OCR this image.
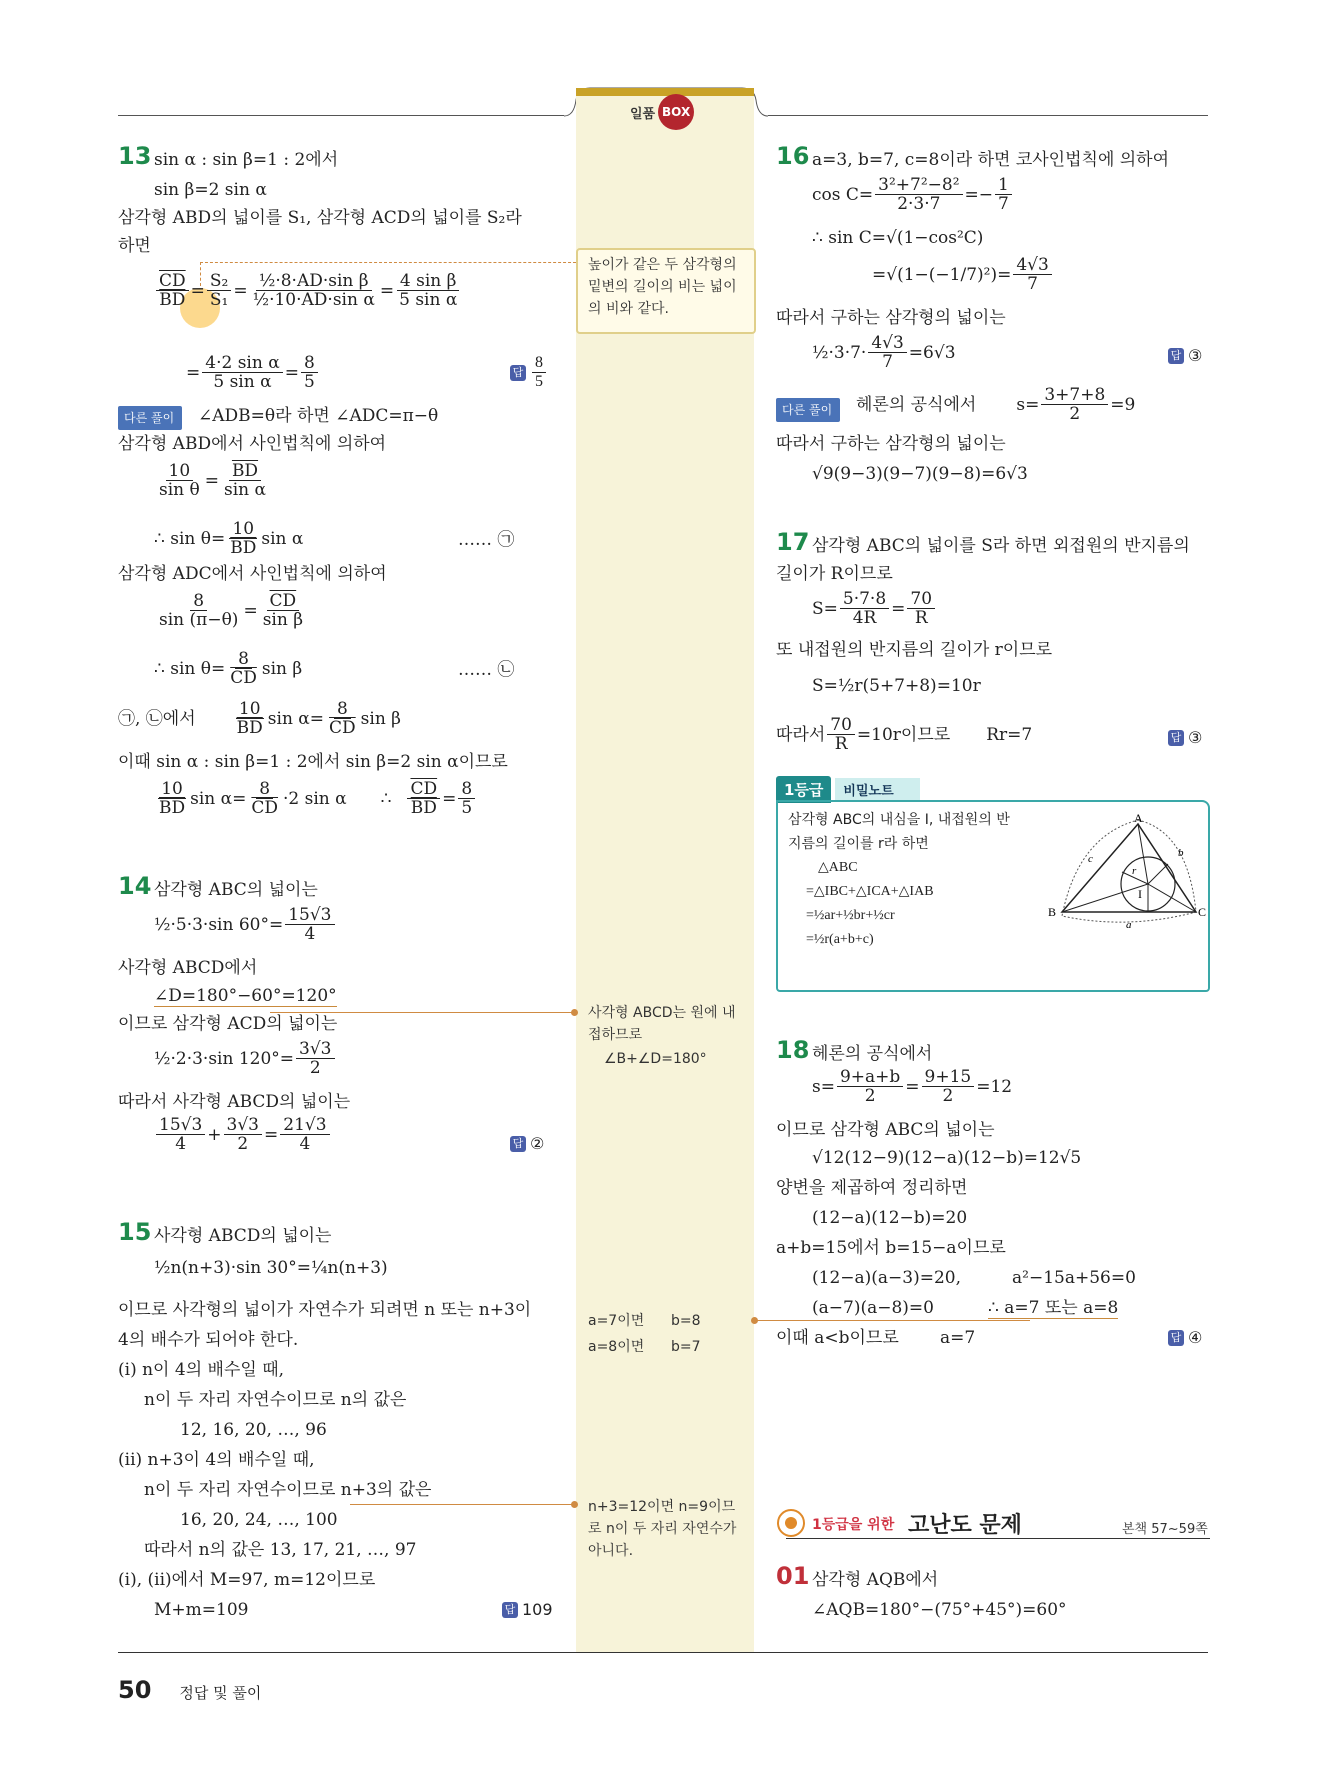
일품 BOX
13 sin α : sin β=1 : 2에서
sin β=2 sin α
삼각형 ABD의 넓이를 S₁, 삼각형 ACD의 넓이를 S₂라
하면
$\frac{\overline{CD}}{BD} = \frac{\text{S₂}}{\text{S₁}} = \frac{\text{½·8·AD·sin β}}{\text{½·10·AD·sin α}} = \frac{\text{4 sin β}}{\text{5 sin α}}$
= $\frac{\text{4·2 sin α}}{\text{5 sin α}} = \frac{8}{5}$	답 $\frac{8}{5}$
다른 풀이	∠ADB=θ라 하면 ∠ADC=π−θ
삼각형 ABD에서 사인법칙에 의하여
$\frac{10}{\text{sin θ}} = \frac{\overline{BD}}{\text{sin α}}$
∴ $\sin \theta= \frac{10}{BD}$ sin α	…… ㉠
삼각형 ADC에서 사인법칙에 의하여
$\frac{8}{\sin (\pi-\theta)} = \frac{\overline{CD}}{\text{sin β}}$
∴ $\sin \theta= \frac{8}{CD}$ sin β	…… ㉡
㉠, ㉡에서 $\frac{10}{BD}$ $\sin \alpha= \frac{8}{CD}$ sin β
이때 sin α : sin β=1 : 2에서 sin β=2 sin α이므로
$\frac{10}{BD}$ $\sin \alpha= \frac{8}{CD} \cdot 2$ sin α ∴ $\frac{\overline{CD}}{BD} = \frac{8}{5}$
14 삼각형 ABC의 넓이는
½·5·3·sin $60^\circ= \frac{15√3}{4}$
사각형 ABCD에서
∠D=180°−60°=120°
이므로 삼각형 ACD의 넓이는
½·2·3·sin $120^\circ= \frac{3√3}{2}$
따라서 사각형 ABCD의 넓이는
$\frac{15√3}{4} + \frac{3√3}{2} = \frac{21√3}{4}$	답 ②
15 사각형 ABCD의 넓이는
½n(n+3)·sin 30°=¼n(n+3)
이므로 사각형의 넓이가 자연수가 되려면 n 또는 n+3이
4의 배수가 되어야 한다.
(i) n이 4의 배수일 때,
n이 두 자리 자연수이므로 n의 값은
12, 16, 20, …, 96
(ii) n+3이 4의 배수일 때,
n이 두 자리 자연수이므로 n+3의 값은
16, 20, 24, …, 100
따라서 n의 값은 13, 17, 21, …, 97
(i), (ii)에서 M=97, m=12이므로
M+m=109	답 109
높이가 같은 두 삼각형의 밑변의 길이의 비는 넓이의 비와 같다.
사각형 ABCD는 원에 내접하므로
∠B+∠D=180°
a=7이면      b=8
a=8이면      b=7
n+3=12이면 n=9이므로 n이 두 자리 자연수가 아니다.
16 a=3, b=7, c=8이라 하면 코사인법칙에 의하여
$\cos C= \frac{\text{3²+7²−8²}}{2\cdot 3\cdot 7} =- \frac{1}{7}$
∴ sin C=√(1−cos²C)
$=√(1-(-1/7)^2)= \frac{4√3}{7}$
따라서 구하는 삼각형의 넓이는
½·3·7· $\frac{4√3}{7} =6√3$	답 ③
다른 풀이	헤론의 공식에서 $s= \frac{3+7+8}{2} =9$
따라서 구하는 삼각형의 넓이는
√9(9−3)(9−7)(9−8)=6√3
17 삼각형 ABC의 넓이를 S라 하면 외접원의 반지름의
길이가 R이므로
$S= \frac{5\cdot 7\cdot 8}{4R} = \frac{70}{R}$
또 내접원의 반지름의 길이가 r이므로
S=½r(5+7+8)=10r
따라서 $\frac{70}{R} =10r$이므로 Rr=7	답 ③
1등급	비밀노트
삼각형 ABC의 내심을 I, 내접원의 반
지름의 길이를 r라 하면
△ABC
=△IBC+△ICA+△IAB
=½ar+½br+½cr
=½r(a+b+c)
A
B	C
I
a
b
c
r
18 헤론의 공식에서
$s= \frac{9+a+b}{2} = \frac{9+15}{2} =12$
이므로 삼각형 ABC의 넓이는
√12(12−9)(12−a)(12−b)=12√5
양변을 제곱하여 정리하면
(12−a)(12−b)=20
a+b=15에서 b=15−a이므로
(12−a)(a−3)=20,	a²−15a+56=0
(a−7)(a−8)=0	∴ a=7 또는 a=8
이때 a<b이므로 a=7	답 ④
1등급을 위한 고난도 문제	본책 57~59쪽
01 삼각형 AQB에서
∠AQB=180°−(75°+45°)=60°
50 정답 및 풀이
